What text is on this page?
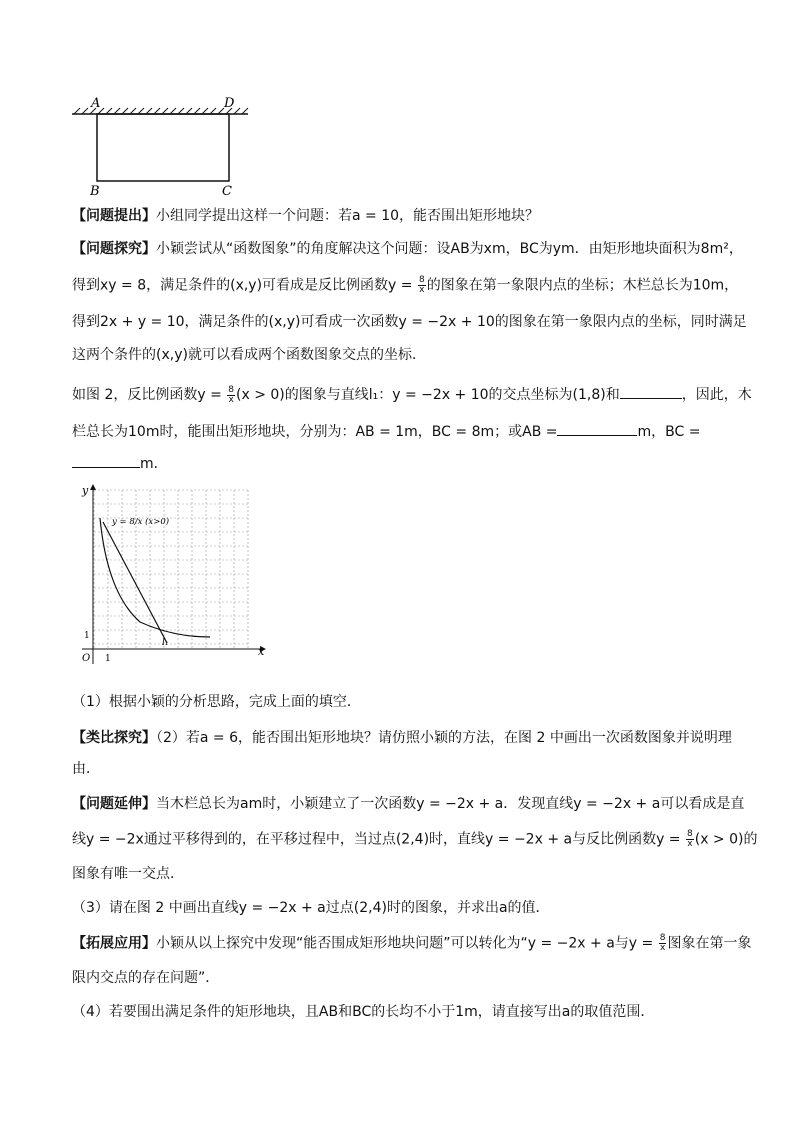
A	D
B	C
【问题提出】小组同学提出这样一个问题：若a = 10，能否围出矩形地块？
【问题探究】小颖尝试从“函数图象”的角度解决这个问题：设AB为xm，BC为ym．由矩形地块面积为8m²，
得到xy = 8，满足条件的(x,y)可看成是反比例函数$y = \frac{8}{x}$ 的图象在第一象限内点的坐标；木栏总长为10m，
得到2x + y = 10，满足条件的(x,y)可看成一次函数y = −2x + 10的图象在第一象限内点的坐标，同时满足
这两个条件的(x,y)就可以看成两个函数图象交点的坐标．
如图 2，反比例函数$y = \frac{8}{x} (x > 0)$的图象与直线l₁：y = −2x + 10的交点坐标为(1,8)和	，因此，木
栏总长为10m时，能围出矩形地块，分别为：AB = 1m，BC = 8m；或AB =	m，BC =
m．
y
x
O 1
1
y = 8/x (x>0)
l₁
（1）根据小颖的分析思路，完成上面的填空．
【类比探究】（2）若a = 6，能否围出矩形地块？请仿照小颖的方法，在图 2 中画出一次函数图象并说明理
由．
【问题延伸】当木栏总长为am时，小颖建立了一次函数y = −2x + a．发现直线y = −2x + a可以看成是直
线y = −2x通过平移得到的，在平移过程中，当过点(2,4)时，直线y = −2x + a与反比例函数$y = \frac{8}{x} (x > 0)$的
图象有唯一交点．
（3）请在图 2 中画出直线y = −2x + a过点(2,4)时的图象，并求出a的值．
【拓展应用】小颖从以上探究中发现“能否围成矩形地块问题”可以转化为“y = −2x + a与$y = \frac{8}{x}$ 图象在第一象
限内交点的存在问题”．
（4）若要围出满足条件的矩形地块，且AB和BC的长均不小于1m，请直接写出a的取值范围．
